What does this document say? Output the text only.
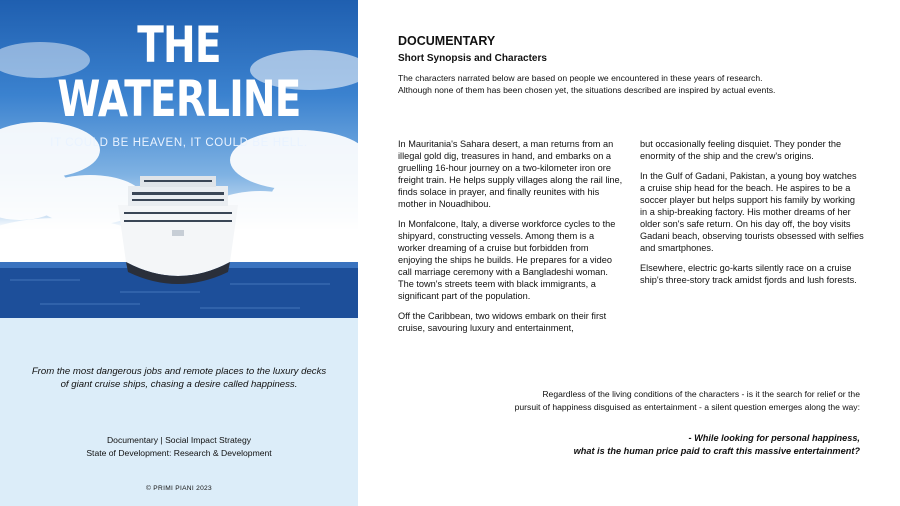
THE
WATERLINE
IT COULD BE HEAVEN, IT COULD BE HELL.
From the most dangerous jobs and remote places to the luxury decks of giant cruise ships, chasing a desire called happiness.
Documentary | Social Impact Strategy
State of Development: Research & Development
© PRIMI PIANI 2023
DOCUMENTARY
Short Synopsis and Characters
The characters narrated below are based on people we encountered in these years of research.
Although none of them has been chosen yet, the situations described are inspired by actual events.

In Mauritania's Sahara desert, a man returns from an illegal gold dig, treasures in hand, and embarks on a gruelling 16-hour journey on a two-kilometer iron ore freight train. He helps supply villages along the rail line, finds solace in prayer, and finally reunites with his mother in Nouadhibou.

In Monfalcone, Italy, a diverse workforce cycles to the shipyard, constructing vessels. Among them is a worker dreaming of a cruise but forbidden from enjoying the ships he builds. He prepares for a video call marriage ceremony with a Bangladeshi woman. The town's streets teem with black immigrants, a significant part of the population.

Off the Caribbean, two widows embark on their first cruise, savouring luxury and entertainment,

but occasionally feeling disquiet. They ponder the enormity of the ship and the crew's origins.

In the Gulf of Gadani, Pakistan, a young boy watches a cruise ship head for the beach. He aspires to be a soccer player but helps support his family by working in a ship-breaking factory. His mother dreams of her older son's safe return. On his day off, the boy visits Gadani beach, observing tourists obsessed with selfies and smartphones.

Elsewhere, electric go-karts silently race on a cruise ship's three-story track amidst fjords and lush forests.

Regardless of the living conditions of the characters - is it the search for relief or the
pursuit of happiness disguised as entertainment - a silent question emerges along the way:
- While looking for personal happiness,
what is the human price paid to craft this massive entertainment?
